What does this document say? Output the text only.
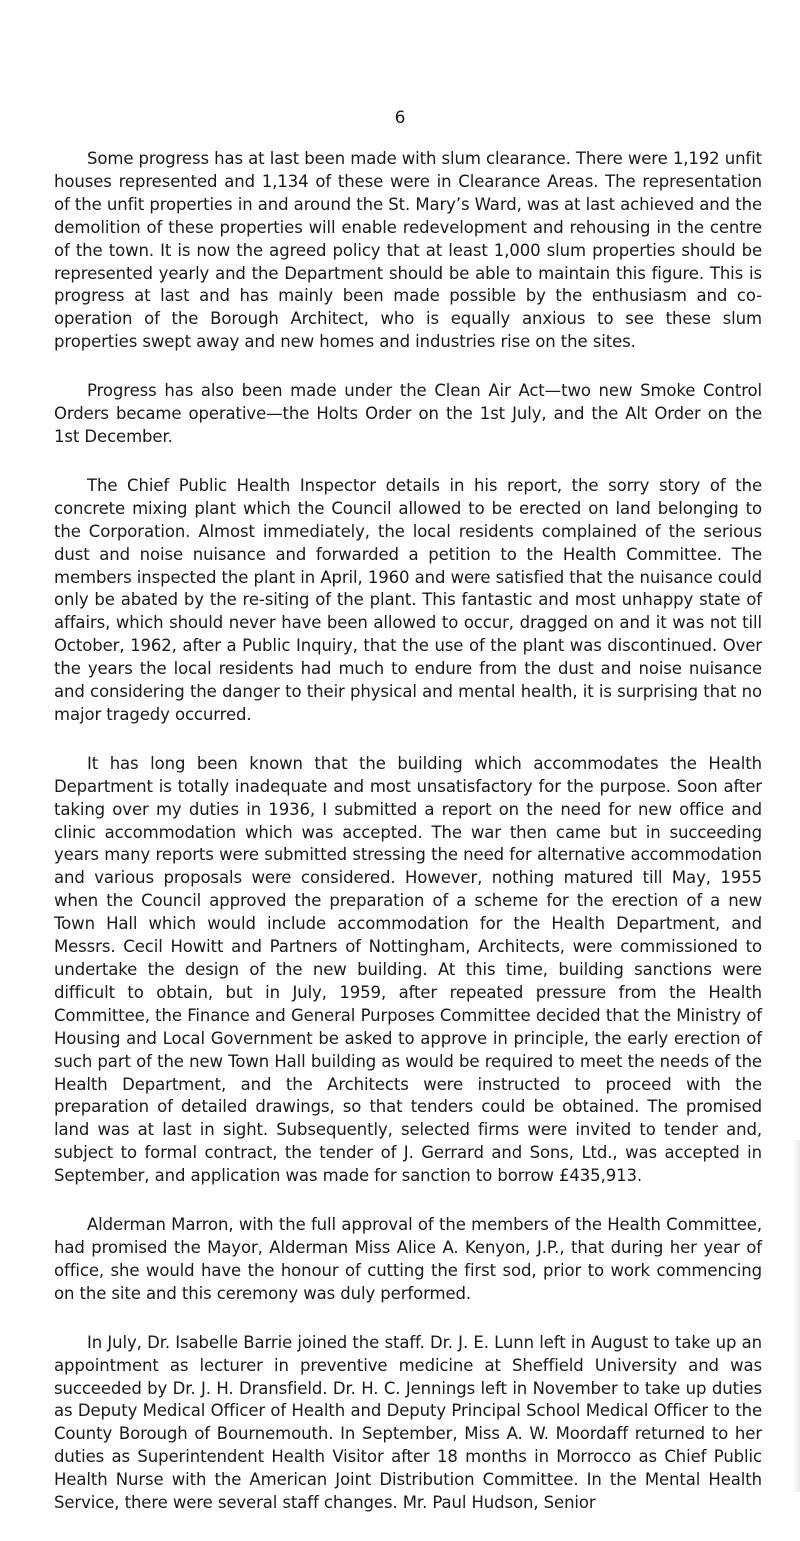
6

Some progress has at last been made with slum clearance. There were 1,192 unfit houses represented and 1,134 of these were in Clearance Areas. The representation of the unfit properties in and around the St. Mary’s Ward, was at last achieved and the demolition of these properties will enable redevelopment and rehousing in the centre of the town. It is now the agreed policy that at least 1,000 slum properties should be represented yearly and the Department should be able to maintain this figure. This is progress at last and has mainly been made possible by the enthusiasm and co-operation of the Borough Architect, who is equally anxious to see these slum properties swept away and new homes and industries rise on the sites.

Progress has also been made under the Clean Air Act—two new Smoke Control Orders became operative—the Holts Order on the 1st July, and the Alt Order on the 1st December.

The Chief Public Health Inspector details in his report, the sorry story of the concrete mixing plant which the Council allowed to be erected on land belonging to the Corporation. Almost immediately, the local residents complained of the serious dust and noise nuisance and forwarded a petition to the Health Committee. The members inspected the plant in April, 1960 and were satisfied that the nuisance could only be abated by the re-siting of the plant. This fantastic and most unhappy state of affairs, which should never have been allowed to occur, dragged on and it was not till October, 1962, after a Public Inquiry, that the use of the plant was discontinued. Over the years the local residents had much to endure from the dust and noise nuisance and considering the danger to their physical and mental health, it is surprising that no major tragedy occurred.

It has long been known that the building which accommodates the Health Department is totally inadequate and most unsatisfactory for the purpose. Soon after taking over my duties in 1936, I submitted a report on the need for new office and clinic accommodation which was accepted. The war then came but in succeeding years many reports were submitted stressing the need for alternative accommodation and various proposals were considered. However, nothing matured till May, 1955 when the Council approved the preparation of a scheme for the erection of a new Town Hall which would include accommodation for the Health Department, and Messrs. Cecil Howitt and Partners of Nottingham, Architects, were commissioned to undertake the design of the new building. At this time, building sanctions were difficult to obtain, but in July, 1959, after repeated pressure from the Health Committee, the Finance and General Purposes Committee decided that the Ministry of Housing and Local Government be asked to approve in principle, the early erection of such part of the new Town Hall building as would be required to meet the needs of the Health Department, and the Architects were instructed to proceed with the preparation of detailed drawings, so that tenders could be obtained. The promised land was at last in sight. Subsequently, selected firms were invited to tender and, subject to formal contract, the tender of J. Gerrard and Sons, Ltd., was accepted in September, and application was made for sanction to borrow £435,913.

Alderman Marron, with the full approval of the members of the Health Committee, had promised the Mayor, Alderman Miss Alice A. Kenyon, J.P., that during her year of office, she would have the honour of cutting the first sod, prior to work commencing on the site and this ceremony was duly performed.

In July, Dr. Isabelle Barrie joined the staff. Dr. J. E. Lunn left in August to take up an appointment as lecturer in preventive medicine at Sheffield University and was succeeded by Dr. J. H. Dransfield. Dr. H. C. Jennings left in November to take up duties as Deputy Medical Officer of Health and Deputy Principal School Medical Officer to the County Borough of Bournemouth. In September, Miss A. W. Moordaff returned to her duties as Superintendent Health Visitor after 18 months in Morrocco as Chief Public Health Nurse with the American Joint Distribution Committee. In the Mental Health Service, there were several staff changes. Mr. Paul Hudson, Senior
